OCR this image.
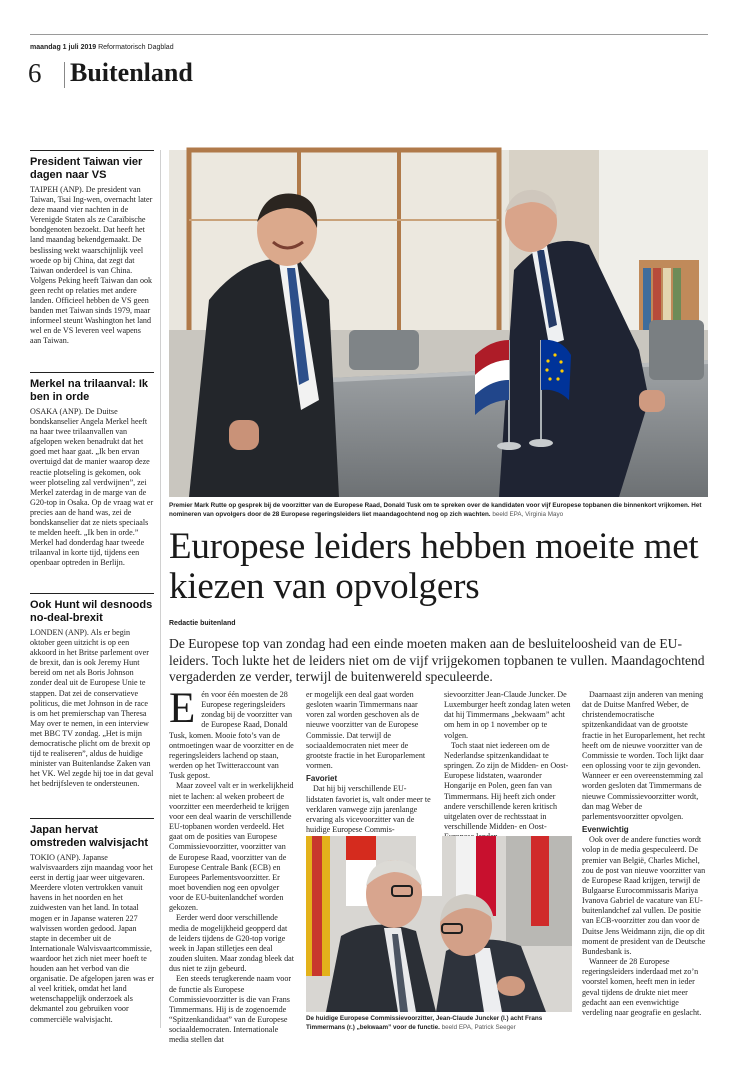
maandag 1 juli 2019 Reformatorisch Dagblad
6 Buitenland
President Taiwan vier dagen naar VS

TAIPEH (ANP). De president van Taiwan, Tsai Ing-wen, overnacht later deze maand vier nachten in de Verenigde Staten als ze Caraïbische bondgenoten bezoekt. Dat heeft het land maandag bekendgemaakt. De beslissing wekt waarschijnlijk veel woede op bij China, dat zegt dat Taiwan onderdeel is van China. Volgens Peking heeft Taiwan dan ook geen recht op relaties met andere landen. Officieel hebben de VS geen banden met Taiwan sinds 1979, maar informeel steunt Washington het land wel en de VS leveren veel wapens aan Taiwan.

Merkel na trilaanval: Ik ben in orde

OSAKA (ANP). De Duitse bondskanselier Angela Merkel heeft na haar twee trilaanvallen van afgelopen weken benadrukt dat het goed met haar gaat. „Ik ben ervan overtuigd dat de manier waarop deze reactie plotseling is gekomen, ook weer plotseling zal verdwijnen”, zei Merkel zaterdag in de marge van de G20-top in Osaka. Op de vraag wat er precies aan de hand was, zei de bondskanselier dat ze niets speciaals te melden heeft. „Ik ben in orde.” Merkel had donderdag haar tweede trilaanval in korte tijd, tijdens een openbaar optreden in Berlijn.

Ook Hunt wil desnoods no-deal-brexit

LONDEN (ANP). Als er begin oktober geen uitzicht is op een akkoord in het Britse parlement over de brexit, dan is ook Jeremy Hunt bereid om net als Boris Johnson zonder deal uit de Europese Unie te stappen. Dat zei de conservatieve politicus, die met Johnson in de race is om het premierschap van Theresa May over te nemen, in een interview met BBC TV zondag. „Het is mijn democratische plicht om de brexit op tijd te realiseren”, aldus de huidige minister van Buitenlandse Zaken van het VK. Wel zegde hij toe in dat geval het bedrijfsleven te ondersteunen.

Japan hervat omstreden walvisjacht

TOKIO (ANP). Japanse walvisvaarders zijn maandag voor het eerst in dertig jaar weer uitgevaren. Meerdere vloten vertrokken vanuit havens in het noorden en het zuidwesten van het land. In totaal mogen er in Japanse wateren 227 walvissen worden gedood. Japan stapte in december uit de Internationale Walvisvaartcommissie, waardoor het zich niet meer hoeft te houden aan het verbod van die organisatie. De afgelopen jaren was er al veel kritiek, omdat het land wetenschappelijk onderzoek als dekmantel zou gebruiken voor commerciële walvisjacht.

Premier Mark Rutte op gesprek bij de voorzitter van de Europese Raad, Donald Tusk om te spreken over de kandidaten voor vijf Europese topbanen die binnenkort vrijkomen. Het nomineren van opvolgers door de 28 Europese regeringsleiders liet maandagochtend nog op zich wachten. beeld EPA, Virginia Mayo
Europese leiders hebben moeite met kiezen van opvolgers
Redactie buitenland
De Europese top van zondag had een einde moeten maken aan de besluiteloosheid van de EU-leiders. Toch lukte het de leiders niet om de vijf vrijgekomen topbanen te vullen. Maandagochtend vergaderden ze verder, terwijl de buitenwereld speculeerde.
E én voor één moesten de 28 Europese regeringsleiders zondag bij de voorzitter van de Europese Raad, Donald Tusk, komen. Mooie foto’s van de ontmoetingen waar de voorzitter en de regeringsleiders lachend op staan, werden op het Twitteraccount van Tusk gepost.

Maar zoveel valt er in werkelijkheid niet te lachen: al weken probeert de voorzitter een meerderheid te krijgen voor een deal waarin de verschillende EU-topbanen worden verdeeld. Het gaat om de posities van Europese Commissievoorzitter, voorzitter van de Europese Raad, voorzitter van de Europese Centrale Bank (ECB) en Europees Parlementsvoorzitter. Er moet bovendien nog een opvolger voor de EU-buitenlandchef worden gekozen.

Eerder werd door verschillende media de mogelijkheid geopperd dat de leiders tijdens de G20-top vorige week in Japan stilletjes een deal zouden sluiten. Maar zondag bleek dat dus niet te zijn gebeurd.

Een steeds terugkerende naam voor de functie als Europese Commissievoorzitter is die van Frans Timmermans. Hij is de zogenoemde “Spitzenkandidaat” van de Europese sociaaldemocraten. Internationale media stellen dat

er mogelijk een deal gaat worden gesloten waarin Timmermans naar voren zal worden geschoven als de nieuwe voorzitter van de Europese Commissie. Dat terwijl de sociaaldemocraten niet meer de grootste fractie in het Europarlement vormen.

Favoriet

Dat hij bij verschillende EU-lidstaten favoriet is, valt onder meer te verklaren vanwege zijn jarenlange ervaring als vicevoorzitter van de huidige Europese Commis-

sievoorzitter Jean-Claude Juncker. De Luxemburger heeft zondag laten weten dat hij Timmermans „bekwaam” acht om hem in op 1 november op te volgen.

Toch staat niet iedereen om de Nederlandse spitzenkandidaat te springen. Zo zijn de Midden- en Oost-Europese lidstaten, waaronder Hongarije en Polen, geen fan van Timmermans. Hij heeft zich onder andere verschillende keren kritisch uitgelaten over de rechtsstaat in verschillende Midden- en Oost-

Daarnaast zijn anderen van mening dat de Duitse Manfred Weber, de christendemocratische spitzenkandidaat van de grootste fractie in het Europarlement, het recht heeft om de nieuwe voorzitter van de Commissie te worden. Toch lijkt daar een oplossing voor te zijn gevonden. Wanneer er een overeenstemming zal worden gesloten dat Timmermans de nieuwe Commissievoorzitter wordt, dan mag Weber de parlementsvoorzitter opvolgen.

Evenwichtig

Ook over de andere functies wordt volop in de media gespeculeerd. De premier van België, Charles Michel, zou de post van nieuwe voorzitter van de Europese Raad krijgen, terwijl de Bulgaarse Eurocommissaris Mariya Ivanova Gabriel de vacature van EU-buitenlandchef zal vullen. De positie van ECB-voorzitter zou dan voor de Duitse Jens Weidmann zijn, die op dit moment de president van de Deutsche Bundesbank is.

Wanneer de 28 Europese regeringsleiders inderdaad met zo’n voorstel komen, heeft men in ieder geval tijdens de drukte niet meer gedacht aan een evenwichtige verdeling naar geografie en geslacht.

De huidige Europese Commissievoorzitter, Jean-Claude Juncker (l.) acht Frans Timmermans (r.) „bekwaam” voor de functie. beeld EPA, Patrick Seeger
